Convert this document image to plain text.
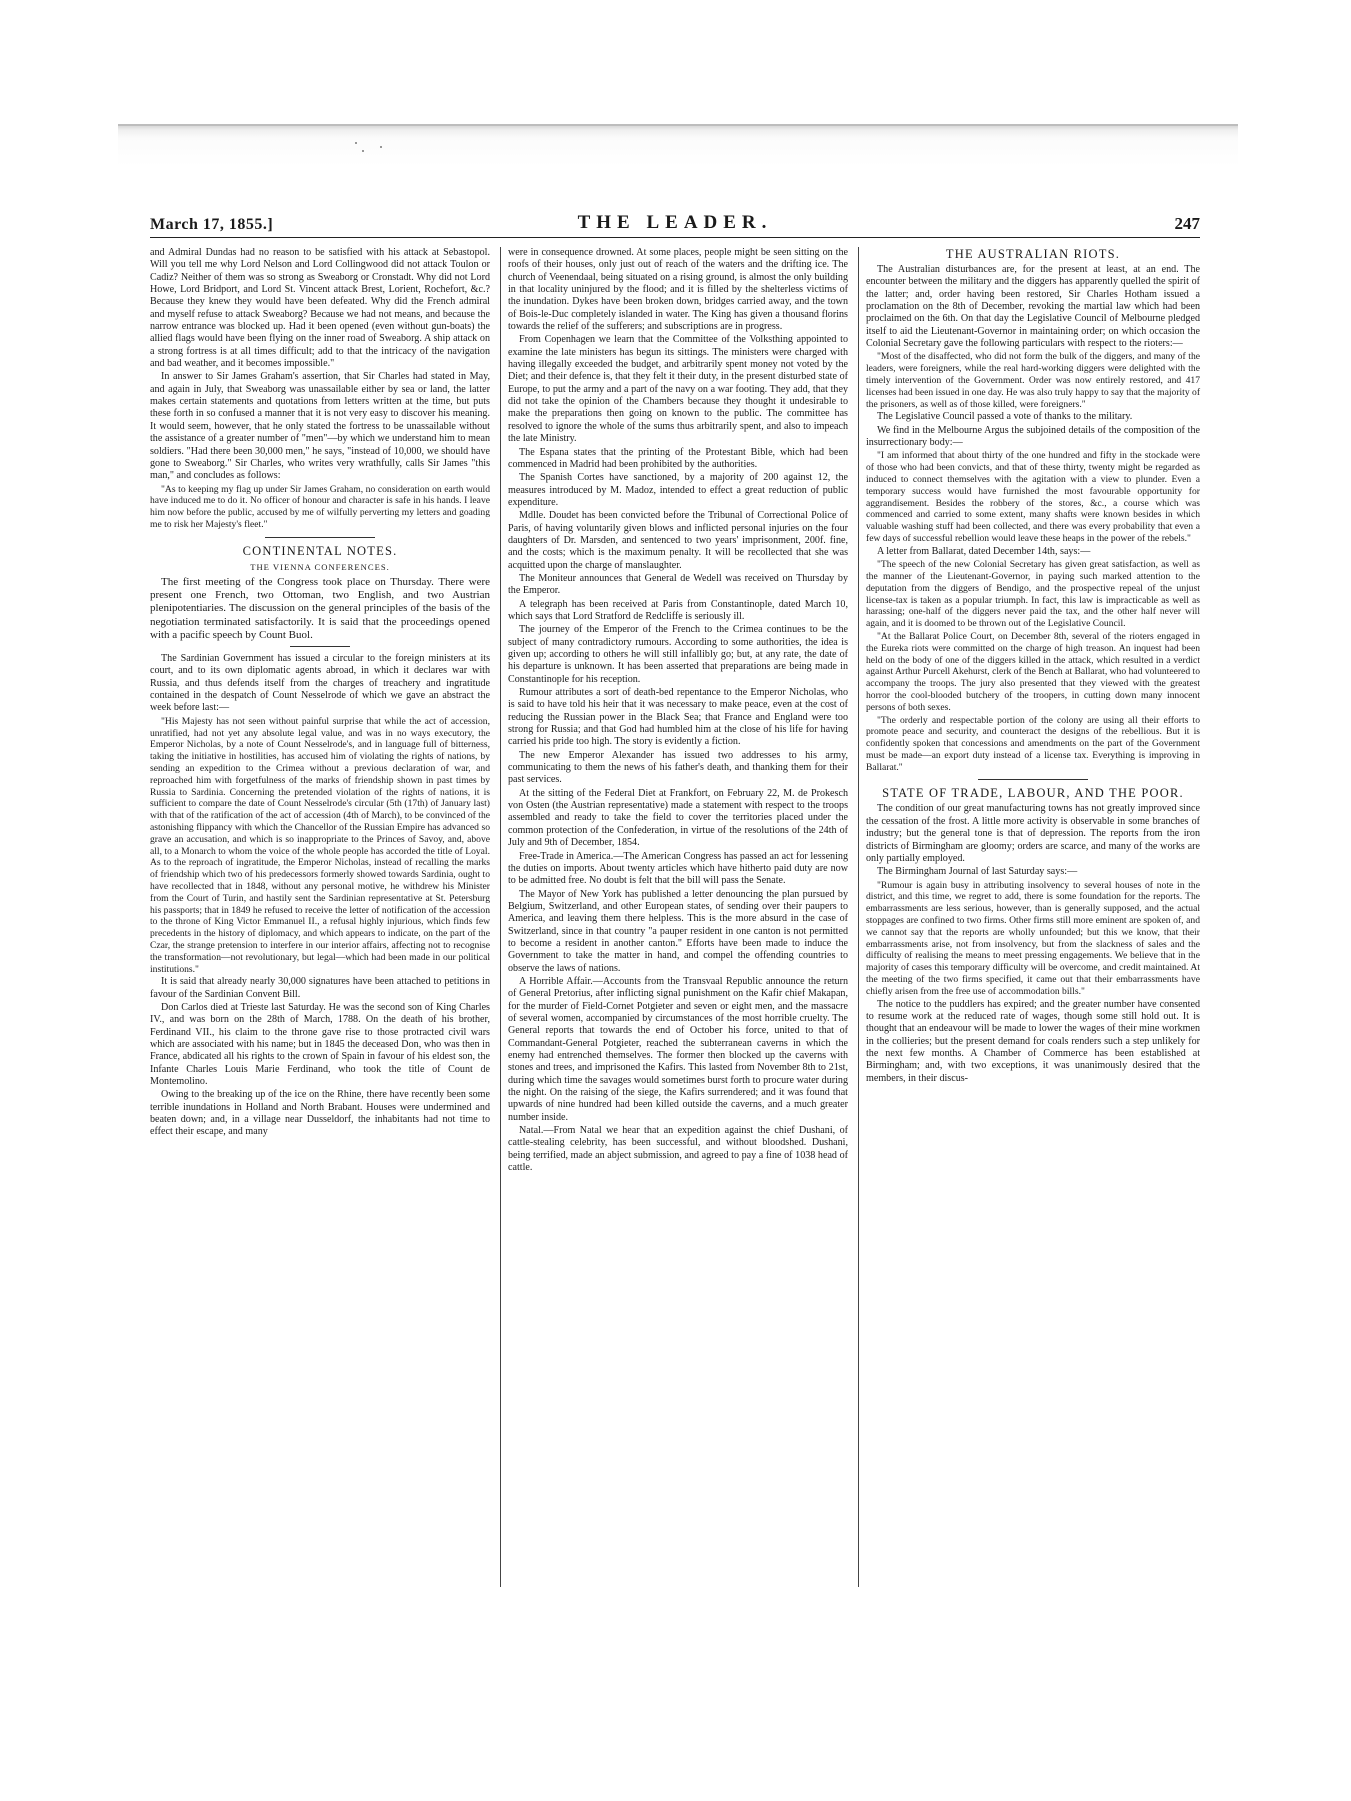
March 17, 1855.]	THE LEADER.	247

and Admiral Dundas had no reason to be satisfied with his attack at Sebastopol. Will you tell me why Lord Nelson and Lord Collingwood did not attack Toulon or Cadiz? Neither of them was so strong as Sweaborg or Cronstadt. Why did not Lord Howe, Lord Bridport, and Lord St. Vincent attack Brest, Lorient, Rochefort, &c.? Because they knew they would have been defeated. Why did the French admiral and myself refuse to attack Sweaborg? Because we had not means, and because the narrow entrance was blocked up. Had it been opened (even without gun-boats) the allied flags would have been flying on the inner road of Sweaborg. A ship attack on a strong fortress is at all times difficult; add to that the intricacy of the navigation and bad weather, and it becomes impossible."

In answer to Sir James Graham's assertion, that Sir Charles had stated in May, and again in July, that Sweaborg was unassailable either by sea or land, the latter makes certain statements and quotations from letters written at the time, but puts these forth in so confused a manner that it is not very easy to discover his meaning. It would seem, however, that he only stated the fortress to be unassailable without the assistance of a greater number of "men"—by which we understand him to mean soldiers. "Had there been 30,000 men," he says, "instead of 10,000, we should have gone to Sweaborg." Sir Charles, who writes very wrathfully, calls Sir James "this man," and concludes as follows:

"As to keeping my flag up under Sir James Graham, no consideration on earth would have induced me to do it. No officer of honour and character is safe in his hands. I leave him now before the public, accused by me of wilfully perverting my letters and goading me to risk her Majesty's fleet."

CONTINENTAL NOTES.
THE VIENNA CONFERENCES.

The first meeting of the Congress took place on Thursday. There were present one French, two Ottoman, two English, and two Austrian plenipotentiaries. The discussion on the general principles of the basis of the negotiation terminated satisfactorily. It is said that the proceedings opened with a pacific speech by Count Buol.

The Sardinian Government has issued a circular to the foreign ministers at its court, and to its own diplomatic agents abroad, in which it declares war with Russia, and thus defends itself from the charges of treachery and ingratitude contained in the despatch of Count Nesselrode of which we gave an abstract the week before last:—

"His Majesty has not seen without painful surprise that while the act of accession, unratified, had not yet any absolute legal value, and was in no ways executory, the Emperor Nicholas, by a note of Count Nesselrode's, and in language full of bitterness, taking the initiative in hostilities, has accused him of violating the rights of nations, by sending an expedition to the Crimea without a previous declaration of war, and reproached him with forgetfulness of the marks of friendship shown in past times by Russia to Sardinia. Concerning the pretended violation of the rights of nations, it is sufficient to compare the date of Count Nesselrode's circular (5th (17th) of January last) with that of the ratification of the act of accession (4th of March), to be convinced of the astonishing flippancy with which the Chancellor of the Russian Empire has advanced so grave an accusation, and which is so inappropriate to the Princes of Savoy, and, above all, to a Monarch to whom the voice of the whole people has accorded the title of Loyal. As to the reproach of ingratitude, the Emperor Nicholas, instead of recalling the marks of friendship which two of his predecessors formerly showed towards Sardinia, ought to have recollected that in 1848, without any personal motive, he withdrew his Minister from the Court of Turin, and hastily sent the Sardinian representative at St. Petersburg his passports; that in 1849 he refused to receive the letter of notification of the accession to the throne of King Victor Emmanuel II., a refusal highly injurious, which finds few precedents in the history of diplomacy, and which appears to indicate, on the part of the Czar, the strange pretension to interfere in our interior affairs, affecting not to recognise the transformation—not revolutionary, but legal—which had been made in our political institutions."

It is said that already nearly 30,000 signatures have been attached to petitions in favour of the Sardinian Convent Bill.

Don Carlos died at Trieste last Saturday. He was the second son of King Charles IV., and was born on the 28th of March, 1788. On the death of his brother, Ferdinand VII., his claim to the throne gave rise to those protracted civil wars which are associated with his name; but in 1845 the deceased Don, who was then in France, abdicated all his rights to the crown of Spain in favour of his eldest son, the Infante Charles Louis Marie Ferdinand, who took the title of Count de Montemolino.

Owing to the breaking up of the ice on the Rhine, there have recently been some terrible inundations in Holland and North Brabant. Houses were undermined and beaten down; and, in a village near Dusseldorf, the inhabitants had not time to effect their escape, and many

were in consequence drowned. At some places, people might be seen sitting on the roofs of their houses, only just out of reach of the waters and the drifting ice. The church of Veenendaal, being situated on a rising ground, is almost the only building in that locality uninjured by the flood; and it is filled by the shelterless victims of the inundation. Dykes have been broken down, bridges carried away, and the town of Bois-le-Duc completely islanded in water. The King has given a thousand florins towards the relief of the sufferers; and subscriptions are in progress.

From Copenhagen we learn that the Committee of the Volksthing appointed to examine the late ministers has begun its sittings. The ministers were charged with having illegally exceeded the budget, and arbitrarily spent money not voted by the Diet; and their defence is, that they felt it their duty, in the present disturbed state of Europe, to put the army and a part of the navy on a war footing. They add, that they did not take the opinion of the Chambers because they thought it undesirable to make the preparations then going on known to the public. The committee has resolved to ignore the whole of the sums thus arbitrarily spent, and also to impeach the late Ministry.

The Espana states that the printing of the Protestant Bible, which had been commenced in Madrid had been prohibited by the authorities.

The Spanish Cortes have sanctioned, by a majority of 200 against 12, the measures introduced by M. Madoz, intended to effect a great reduction of public expenditure.

Mdlle. Doudet has been convicted before the Tribunal of Correctional Police of Paris, of having voluntarily given blows and inflicted personal injuries on the four daughters of Dr. Marsden, and sentenced to two years' imprisonment, 200f. fine, and the costs; which is the maximum penalty. It will be recollected that she was acquitted upon the charge of manslaughter.

The Moniteur announces that General de Wedell was received on Thursday by the Emperor.

A telegraph has been received at Paris from Constantinople, dated March 10, which says that Lord Stratford de Redcliffe is seriously ill.

The journey of the Emperor of the French to the Crimea continues to be the subject of many contradictory rumours. According to some authorities, the idea is given up; according to others he will still infallibly go; but, at any rate, the date of his departure is unknown. It has been asserted that preparations are being made in Constantinople for his reception.

Rumour attributes a sort of death-bed repentance to the Emperor Nicholas, who is said to have told his heir that it was necessary to make peace, even at the cost of reducing the Russian power in the Black Sea; that France and England were too strong for Russia; and that God had humbled him at the close of his life for having carried his pride too high. The story is evidently a fiction.

The new Emperor Alexander has issued two addresses to his army, communicating to them the news of his father's death, and thanking them for their past services.

At the sitting of the Federal Diet at Frankfort, on February 22, M. de Prokesch von Osten (the Austrian representative) made a statement with respect to the troops assembled and ready to take the field to cover the territories placed under the common protection of the Confederation, in virtue of the resolutions of the 24th of July and 9th of December, 1854.

Free-Trade in America.—The American Congress has passed an act for lessening the duties on imports. About twenty articles which have hitherto paid duty are now to be admitted free. No doubt is felt that the bill will pass the Senate.

The Mayor of New York has published a letter denouncing the plan pursued by Belgium, Switzerland, and other European states, of sending over their paupers to America, and leaving them there helpless. This is the more absurd in the case of Switzerland, since in that country "a pauper resident in one canton is not permitted to become a resident in another canton." Efforts have been made to induce the Government to take the matter in hand, and compel the offending countries to observe the laws of nations.

A Horrible Affair.—Accounts from the Transvaal Republic announce the return of General Pretorius, after inflicting signal punishment on the Kafir chief Makapan, for the murder of Field-Cornet Potgieter and seven or eight men, and the massacre of several women, accompanied by circumstances of the most horrible cruelty. The General reports that towards the end of October his force, united to that of Commandant-General Potgieter, reached the subterranean caverns in which the enemy had entrenched themselves. The former then blocked up the caverns with stones and trees, and imprisoned the Kafirs. This lasted from November 8th to 21st, during which time the savages would sometimes burst forth to procure water during the night. On the raising of the siege, the Kafirs surrendered; and it was found that upwards of nine hundred had been killed outside the caverns, and a much greater number inside.

Natal.—From Natal we hear that an expedition against the chief Dushani, of cattle-stealing celebrity, has been successful, and without bloodshed. Dushani, being terrified, made an abject submission, and agreed to pay a fine of 1038 head of cattle.

THE AUSTRALIAN RIOTS.

The Australian disturbances are, for the present at least, at an end. The encounter between the military and the diggers has apparently quelled the spirit of the latter; and, order having been restored, Sir Charles Hotham issued a proclamation on the 8th of December, revoking the martial law which had been proclaimed on the 6th. On that day the Legislative Council of Melbourne pledged itself to aid the Lieutenant-Governor in maintaining order; on which occasion the Colonial Secretary gave the following particulars with respect to the rioters:—

"Most of the disaffected, who did not form the bulk of the diggers, and many of the leaders, were foreigners, while the real hard-working diggers were delighted with the timely intervention of the Government. Order was now entirely restored, and 417 licenses had been issued in one day. He was also truly happy to say that the majority of the prisoners, as well as of those killed, were foreigners."

The Legislative Council passed a vote of thanks to the military.

We find in the Melbourne Argus the subjoined details of the composition of the insurrectionary body:—

"I am informed that about thirty of the one hundred and fifty in the stockade were of those who had been convicts, and that of these thirty, twenty might be regarded as induced to connect themselves with the agitation with a view to plunder. Even a temporary success would have furnished the most favourable opportunity for aggrandisement. Besides the robbery of the stores, &c., a course which was commenced and carried to some extent, many shafts were known besides in which valuable washing stuff had been collected, and there was every probability that even a few days of successful rebellion would leave these heaps in the power of the rebels."

A letter from Ballarat, dated December 14th, says:—

"The speech of the new Colonial Secretary has given great satisfaction, as well as the manner of the Lieutenant-Governor, in paying such marked attention to the deputation from the diggers of Bendigo, and the prospective repeal of the unjust license-tax is taken as a popular triumph. In fact, this law is impracticable as well as harassing; one-half of the diggers never paid the tax, and the other half never will again, and it is doomed to be thrown out of the Legislative Council.

"At the Ballarat Police Court, on December 8th, several of the rioters engaged in the Eureka riots were committed on the charge of high treason. An inquest had been held on the body of one of the diggers killed in the attack, which resulted in a verdict against Arthur Purcell Akehurst, clerk of the Bench at Ballarat, who had volunteered to accompany the troops. The jury also presented that they viewed with the greatest horror the cool-blooded butchery of the troopers, in cutting down many innocent persons of both sexes.

"The orderly and respectable portion of the colony are using all their efforts to promote peace and security, and counteract the designs of the rebellious. But it is confidently spoken that concessions and amendments on the part of the Government must be made—an export duty instead of a license tax. Everything is improving in Ballarat."

STATE OF TRADE, LABOUR, AND THE POOR.

The condition of our great manufacturing towns has not greatly improved since the cessation of the frost. A little more activity is observable in some branches of industry; but the general tone is that of depression. The reports from the iron districts of Birmingham are gloomy; orders are scarce, and many of the works are only partially employed.

The Birmingham Journal of last Saturday says:—

"Rumour is again busy in attributing insolvency to several houses of note in the district, and this time, we regret to add, there is some foundation for the reports. The embarrassments are less serious, however, than is generally supposed, and the actual stoppages are confined to two firms. Other firms still more eminent are spoken of, and we cannot say that the reports are wholly unfounded; but this we know, that their embarrassments arise, not from insolvency, but from the slackness of sales and the difficulty of realising the means to meet pressing engagements. We believe that in the majority of cases this temporary difficulty will be overcome, and credit maintained. At the meeting of the two firms specified, it came out that their embarrassments have chiefly arisen from the free use of accommodation bills."

The notice to the puddlers has expired; and the greater number have consented to resume work at the reduced rate of wages, though some still hold out. It is thought that an endeavour will be made to lower the wages of their mine workmen in the collieries; but the present demand for coals renders such a step unlikely for the next few months. A Chamber of Commerce has been established at Birmingham; and, with two exceptions, it was unanimously desired that the members, in their discus-
